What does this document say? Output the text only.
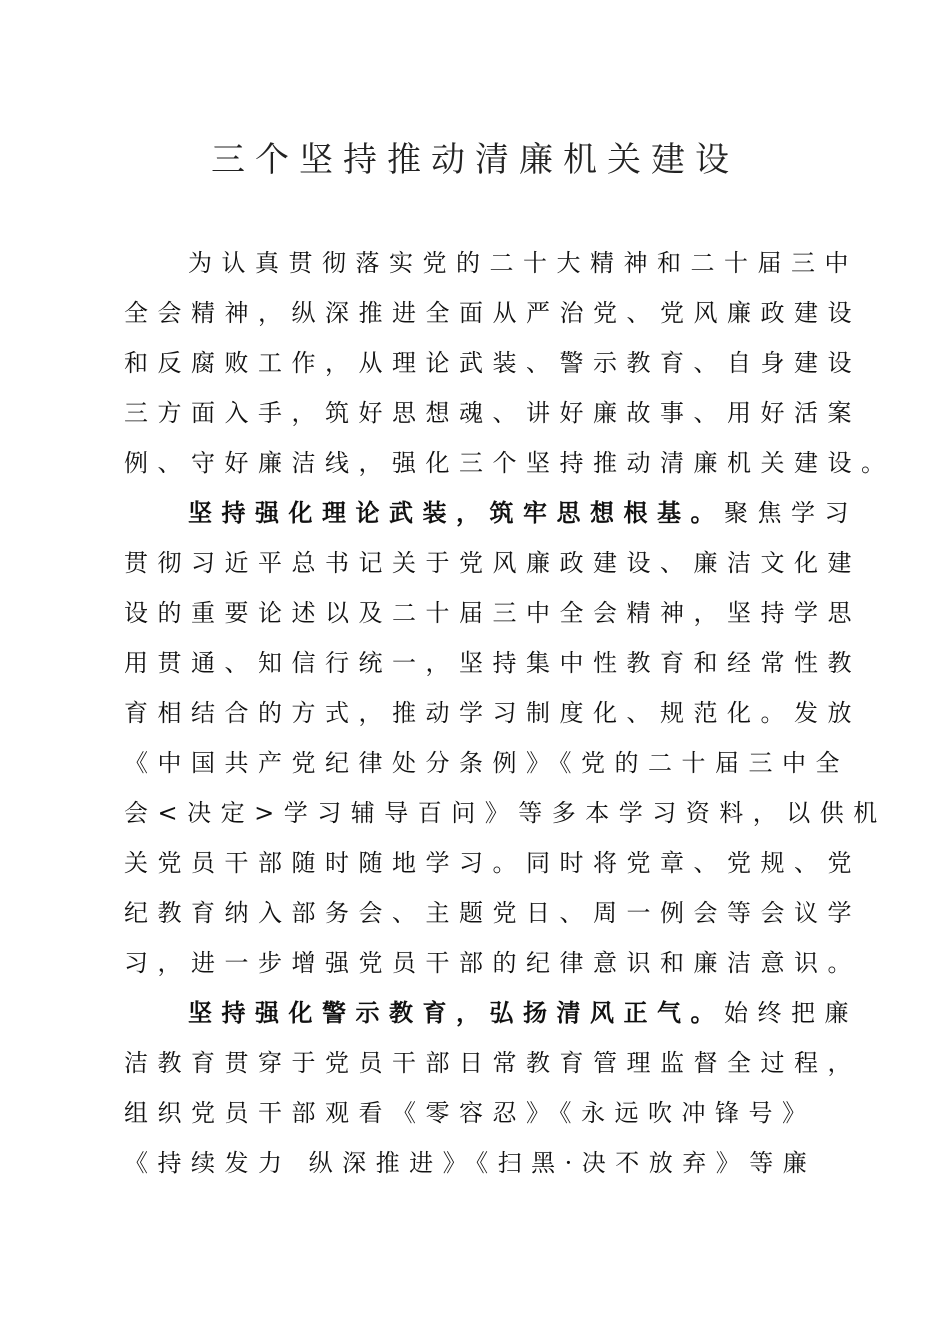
三个坚持推动清廉机关建设
为认真贯彻落实党的二十大精神和二十届三中
全会精神，纵深推进全面从严治党、党风廉政建设
和反腐败工作，从理论武装、警示教育、自身建设
三方面入手，筑好思想魂、讲好廉故事、用好活案
例、守好廉洁线，强化三个坚持推动清廉机关建设。
坚持强化理论武装，筑牢思想根基。聚焦学习
贯彻习近平总书记关于党风廉政建设、廉洁文化建
设的重要论述以及二十届三中全会精神，坚持学思
用贯通、知信行统一，坚持集中性教育和经常性教
育相结合的方式，推动学习制度化、规范化。发放
《中国共产党纪律处分条例》《党的二十届三中全
会<决定>学习辅导百问》等多本学习资料，以供机
关党员干部随时随地学习。同时将党章、党规、党
纪教育纳入部务会、主题党日、周一例会等会议学
习，进一步增强党员干部的纪律意识和廉洁意识。
坚持强化警示教育，弘扬清风正气。始终把廉
洁教育贯穿于党员干部日常教育管理监督全过程，
组织党员干部观看《零容忍》《永远吹冲锋号》
《持续发力 纵深推进》《扫黑·决不放弃》等廉
